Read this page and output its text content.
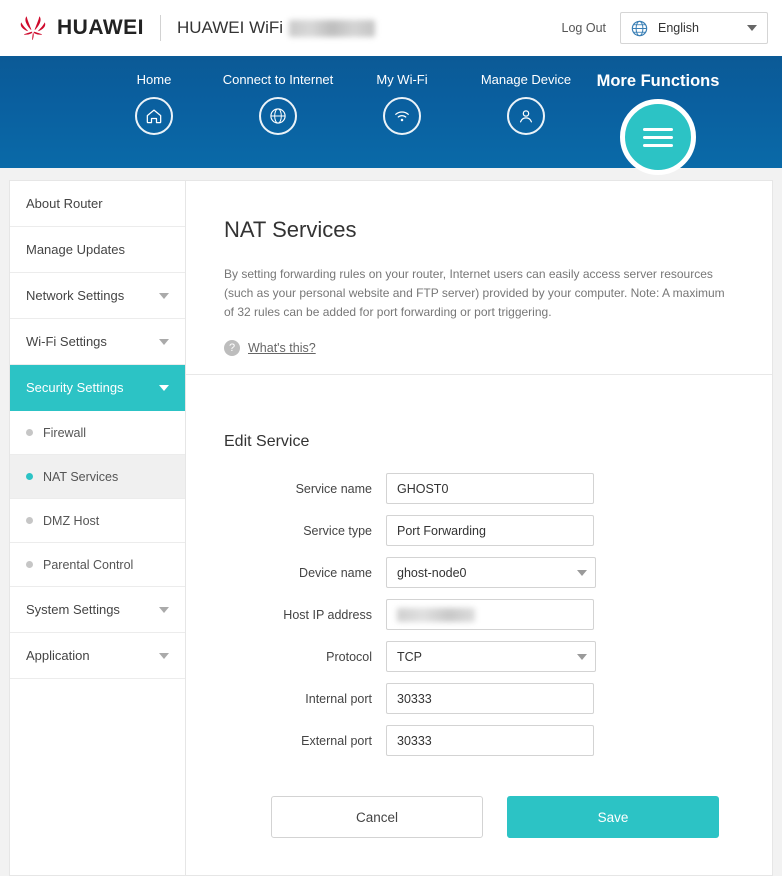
HUAWEI HUAWEI WiFi	Log Out	English
Home	Connect to Internet	My Wi-Fi	Manage Device More Functions
About Router
Manage Updates
Network Settings
Wi-Fi Settings
Security Settings
Firewall
NAT Services
DMZ Host
Parental Control
System Settings
Application
NAT Services

By setting forwarding rules on your router, Internet users can easily access server resources (such as your personal website and FTP server) provided by your computer. Note: A maximum of 32 rules can be added for port forwarding or port triggering.

?	What's this?
Edit Service
Service name	GHOST0
Service type	Port Forwarding
Device name	ghost-node0
Host IP address
Protocol	TCP
Internal port	30333
External port	30333
Cancel	Save
